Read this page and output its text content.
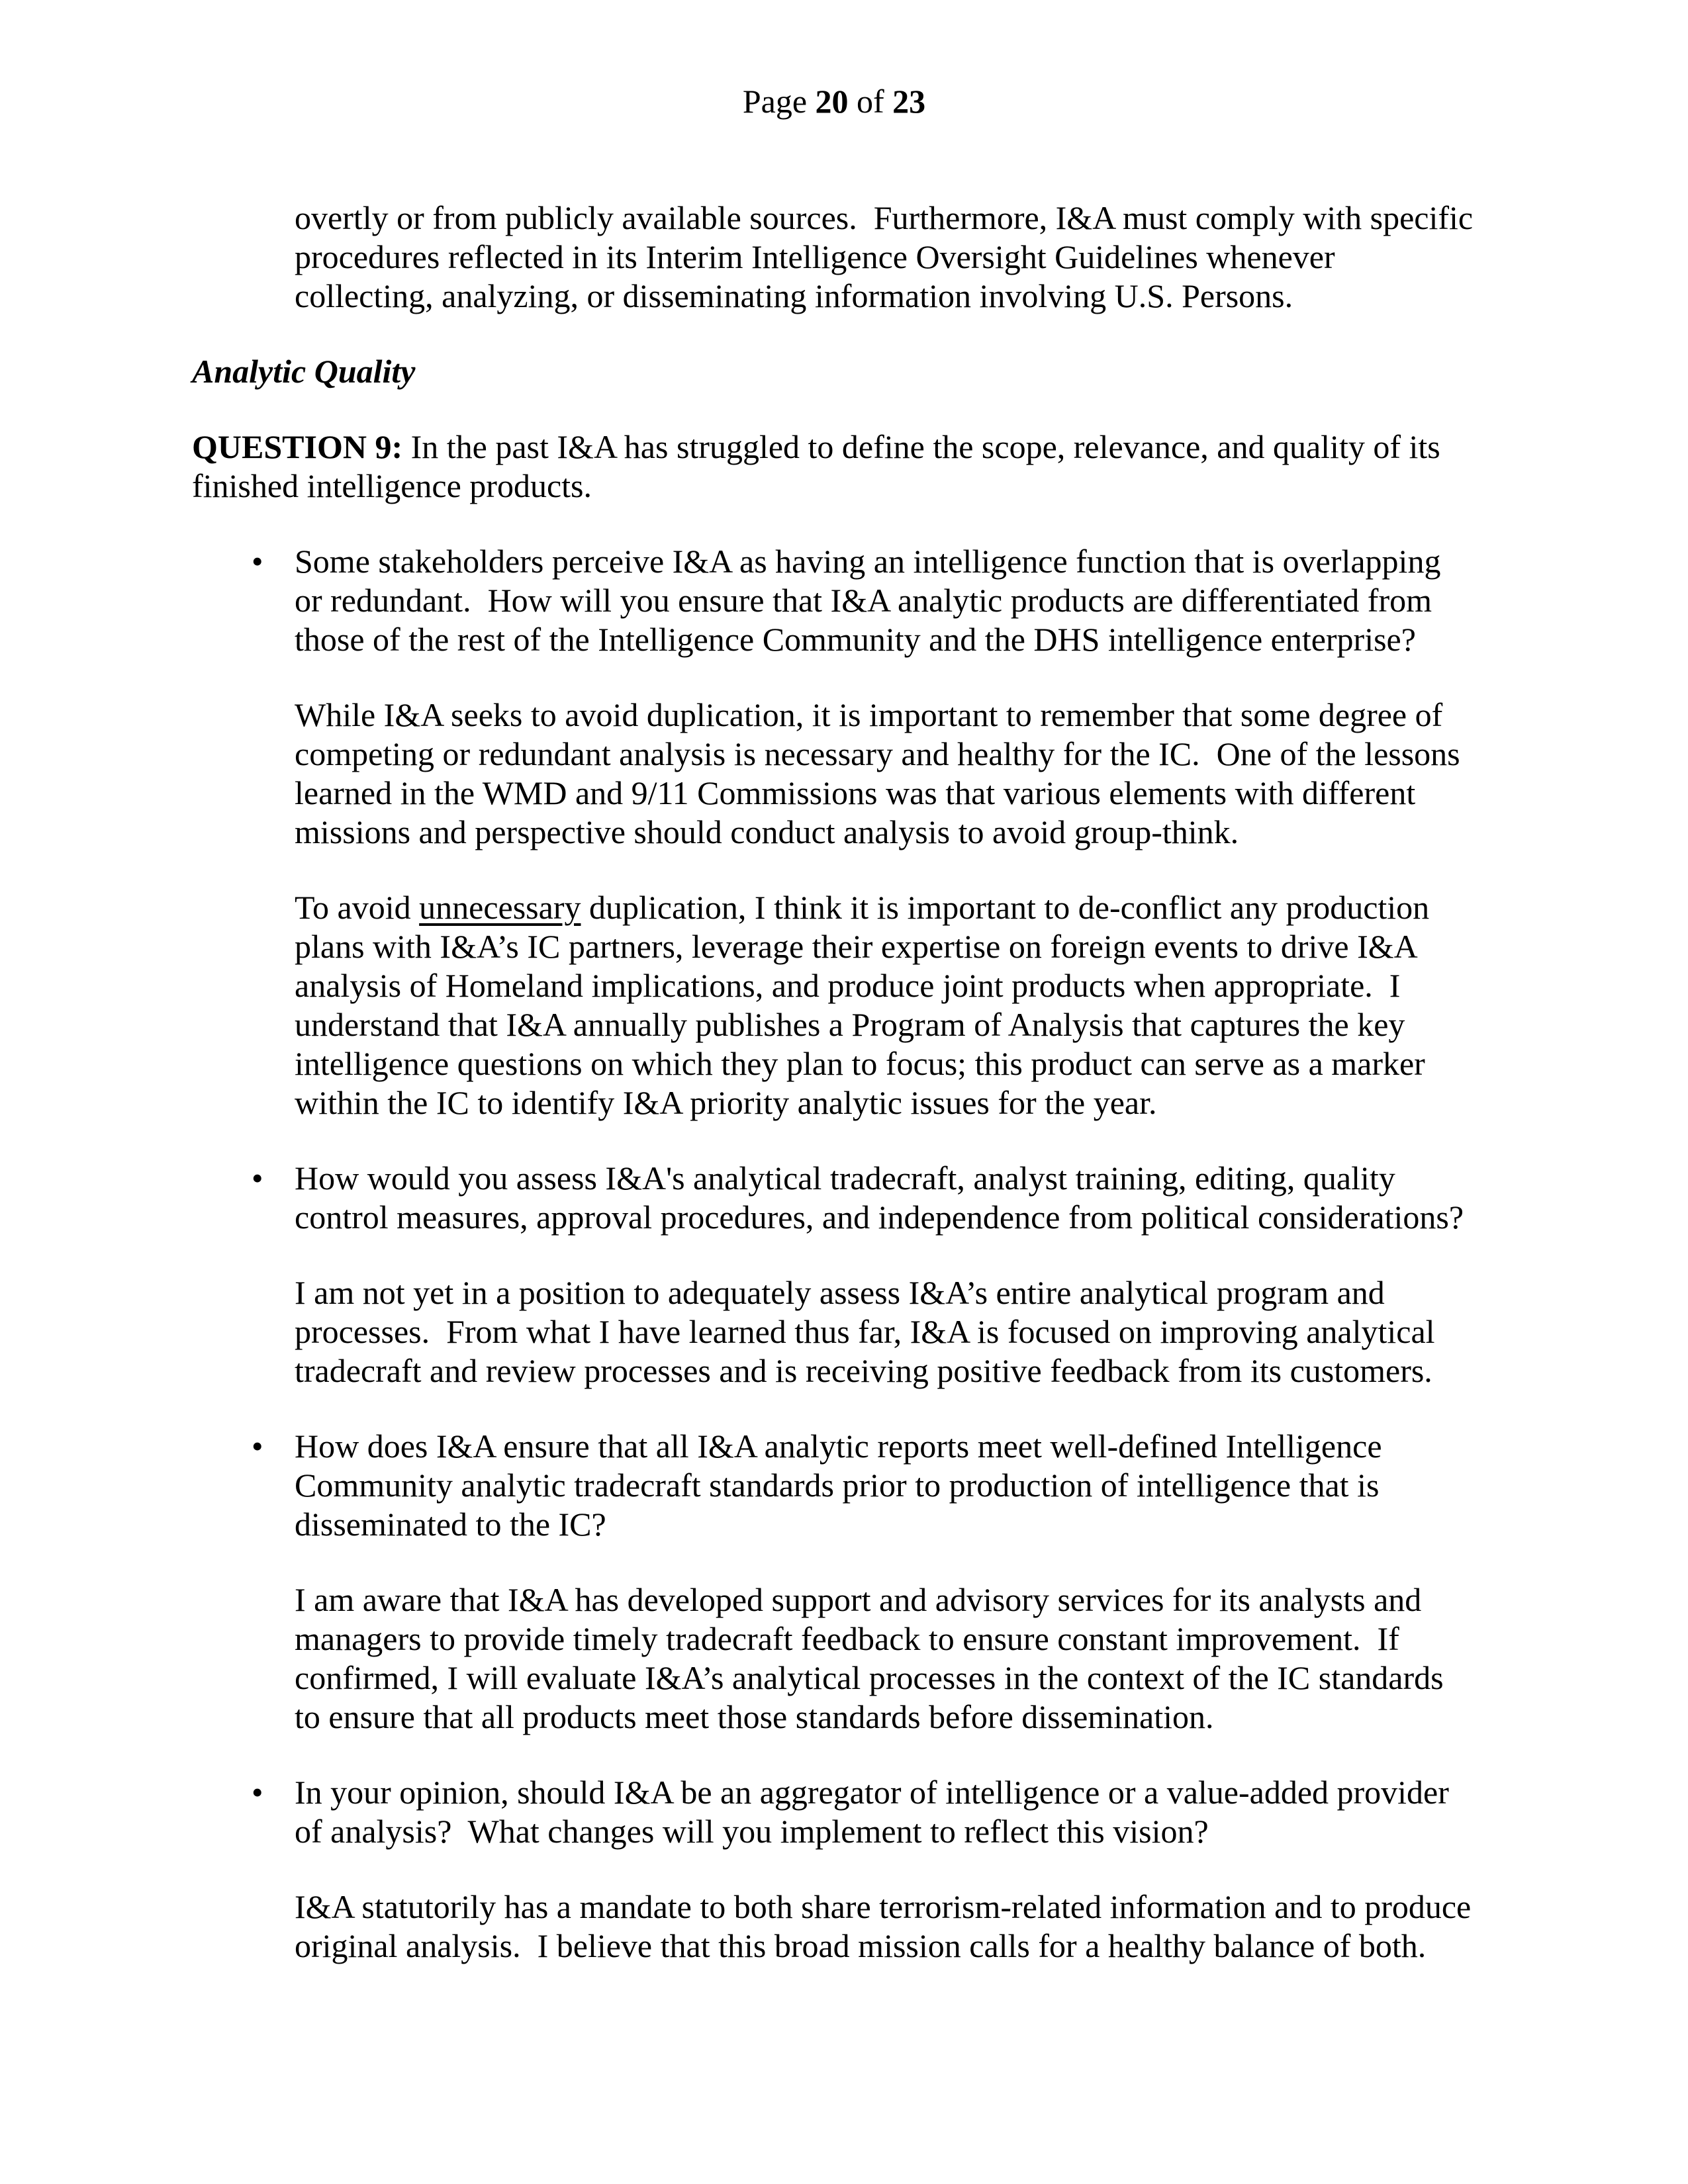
Page 20 of 23
overtly or from publicly available sources.  Furthermore, I&A must comply with specific procedures reflected in its Interim Intelligence Oversight Guidelines whenever collecting, analyzing, or disseminating information involving U.S. Persons.
Analytic Quality
QUESTION 9: In the past I&A has struggled to define the scope, relevance, and quality of its finished intelligence products.
• Some stakeholders perceive I&A as having an intelligence function that is overlapping or redundant.  How will you ensure that I&A analytic products are differentiated from those of the rest of the Intelligence Community and the DHS intelligence enterprise?
While I&A seeks to avoid duplication, it is important to remember that some degree of competing or redundant analysis is necessary and healthy for the IC.  One of the lessons learned in the WMD and 9/11 Commissions was that various elements with different missions and perspective should conduct analysis to avoid group-think.
To avoid unnecessary duplication, I think it is important to de-conflict any production plans with I&A’s IC partners, leverage their expertise on foreign events to drive I&A analysis of Homeland implications, and produce joint products when appropriate.  I understand that I&A annually publishes a Program of Analysis that captures the key intelligence questions on which they plan to focus; this product can serve as a marker within the IC to identify I&A priority analytic issues for the year.
• How would you assess I&A's analytical tradecraft, analyst training, editing, quality control measures, approval procedures, and independence from political considerations?
I am not yet in a position to adequately assess I&A’s entire analytical program and processes.  From what I have learned thus far, I&A is focused on improving analytical tradecraft and review processes and is receiving positive feedback from its customers.
• How does I&A ensure that all I&A analytic reports meet well-defined Intelligence Community analytic tradecraft standards prior to production of intelligence that is disseminated to the IC?
I am aware that I&A has developed support and advisory services for its analysts and managers to provide timely tradecraft feedback to ensure constant improvement.  If confirmed, I will evaluate I&A’s analytical processes in the context of the IC standards to ensure that all products meet those standards before dissemination.
• In your opinion, should I&A be an aggregator of intelligence or a value-added provider of analysis?  What changes will you implement to reflect this vision?
I&A statutorily has a mandate to both share terrorism-related information and to produce original analysis.  I believe that this broad mission calls for a healthy balance of both.
